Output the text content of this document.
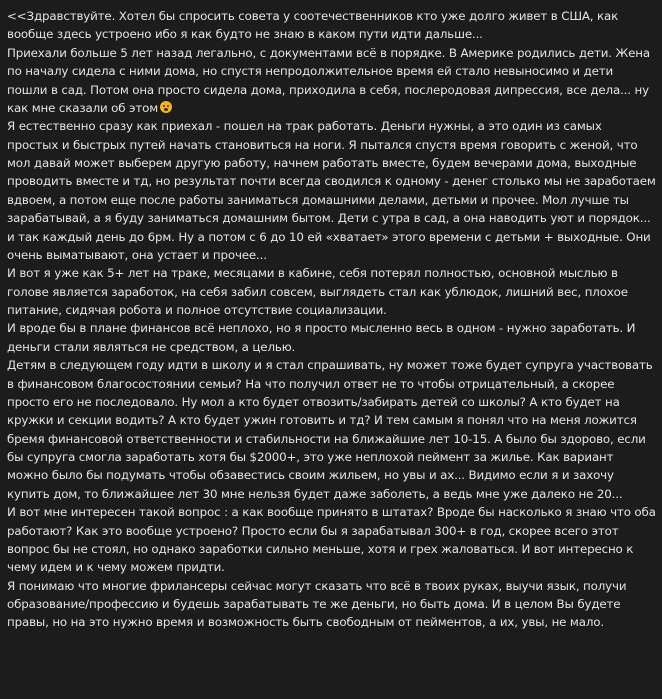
<<Здравствуйте. Хотел бы спросить совета у соотечественников кто уже долго живет в США, как вообще здесь устроено ибо я как будто не знаю в каком пути идти дальше...

Приехали больше 5 лет назад легально, с документами всё в порядке. В Америке родились дети. Жена по началу сидела с ними дома, но спустя непродолжительное время ей стало невыносимо и дети пошли в сад. Потом она просто сидела дома, приходила в себя, послеродовая дипрессия, все дела... ну как мне сказали об этом

Я естественно сразу как приехал - пошел на трак работать. Деньги нужны, а это один из самых простых и быстрых путей начать становиться на ноги. Я пытался спустя время говорить с женой, что мол давай может выберем другую работу, начнем работать вместе, будем вечерами дома, выходные проводить вместе и тд, но результат почти всегда сводился к одному - денег столько мы не заработаем вдвоем, а потом еще после работы заниматься домашними делами, детьми и прочее. Мол лучше ты зарабатывай, а я буду заниматься домашним бытом. Дети с утра в сад, а она наводить уют и порядок... и так каждый день до 6рм. Ну а потом с 6 до 10 ей «хватает» этого времени с детьми + выходные. Они очень выматывают, она устает и прочее...

И вот я уже как 5+ лет на траке, месяцами в кабине, себя потерял полностью, основной мыслью в голове является заработок, на себя забил совсем, выглядеть стал как ублюдок, лишний вес, плохое питание, сидячая робота и полное отсутствие социализации.

И вроде бы в плане финансов всё неплохо, но я просто мысленно весь в одном - нужно заработать. И деньги стали являться не средством, а целью.

Детям в следующем году идти в школу и я стал спрашивать, ну может тоже будет супруга участвовать в финансовом благосостоянии семьи? На что получил ответ не то чтобы отрицательный, а скорее просто его не последовало. Ну мол а кто будет отвозить/забирать детей со школы? А кто будет на кружки и секции водить? А кто будет ужин готовить и тд? И тем самым я понял что на меня ложится бремя финансовой ответственности и стабильности на ближайшие лет 10-15. А было бы здорово, если бы супруга смогла заработать хотя бы $2000+, это уже неплохой пеймент за жилье. Как вариант можно было бы подумать чтобы обзавестись своим жильем, но увы и ах... Видимо если я и захочу купить дом, то ближайшее лет 30 мне нельзя будет даже заболеть, а ведь мне уже далеко не 20...

И вот мне интересен такой вопрос : а как вообще принято в штатах? Вроде бы насколько я знаю что оба работают? Как это вообще устроено? Просто если бы я зарабатывал 300+ в год, скорее всего этот вопрос бы не стоял, но однако заработки сильно меньше, хотя и грех жаловаться. И вот интересно к чему идем и к чему можем придти.

Я понимаю что многие фрилансеры сейчас могут сказать что всё в твоих руках, выучи язык, получи образование/профессию и будешь зарабатывать те же деньги, но быть дома. И в целом Вы будете правы, но на это нужно время и возможность быть свободным от пейментов, а их, увы, не мало.
